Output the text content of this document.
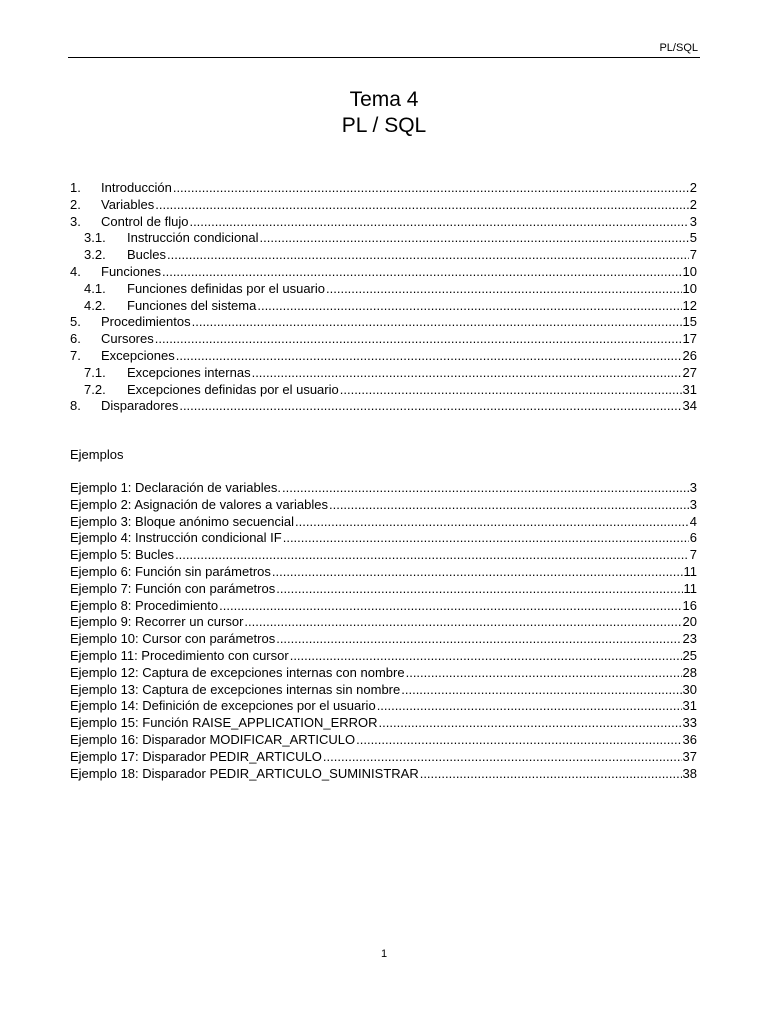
PL/SQL
Tema 4
PL / SQL
1.	Introducción .....	2
2.	Variables .....	2
3.	Control de flujo .....	3
3.1.	Instrucción condicional .....	5
3.2.	Bucles .....	7
4.	Funciones .....	10
4.1.	Funciones definidas por el usuario .....	10
4.2.	Funciones del sistema .....	12
5.	Procedimientos .....	15
6.	Cursores .....	17
7.	Excepciones .....	26
7.1.	Excepciones internas .....	27
7.2.	Excepciones definidas por el usuario .....	31
8.	Disparadores .....	34
Ejemplos
Ejemplo 1: Declaración de variables. .....	3
Ejemplo 2: Asignación de valores a variables .....	3
Ejemplo 3: Bloque anónimo secuencial .....	4
Ejemplo 4: Instrucción condicional IF .....	6
Ejemplo 5: Bucles .....	7
Ejemplo 6: Función sin parámetros .....	11
Ejemplo 7: Función con parámetros .....	11
Ejemplo 8: Procedimiento .....	16
Ejemplo 9: Recorrer un cursor .....	20
Ejemplo 10: Cursor con parámetros .....	23
Ejemplo 11: Procedimiento con cursor .....	25
Ejemplo 12: Captura de excepciones internas con nombre .....	28
Ejemplo 13: Captura de excepciones internas sin nombre .....	30
Ejemplo 14: Definición de excepciones por el usuario .....	31
Ejemplo 15: Función RAISE_APPLICATION_ERROR .....	33
Ejemplo 16: Disparador MODIFICAR_ARTICULO .....	36
Ejemplo 17: Disparador PEDIR_ARTICULO .....	37
Ejemplo 18: Disparador PEDIR_ARTICULO_SUMINISTRAR .....	38
1
